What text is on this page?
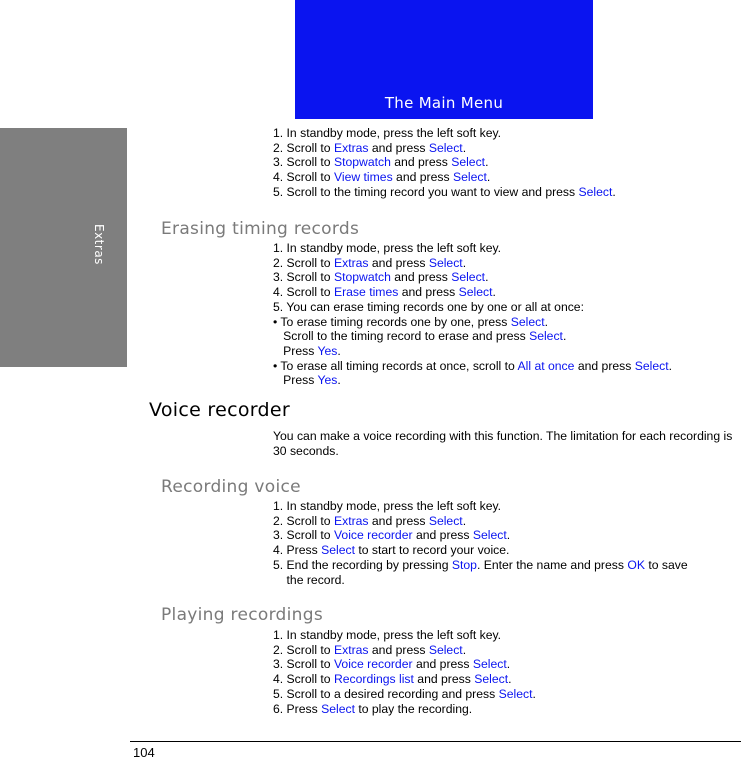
Extras
The Main Menu
1. In standby mode, press the left soft key.
2. Scroll to Extras and press Select.
3. Scroll to Stopwatch and press Select.
4. Scroll to View times and press Select.
5. Scroll to the timing record you want to view and press Select.
Erasing timing records
1. In standby mode, press the left soft key.
2. Scroll to Extras and press Select.
3. Scroll to Stopwatch and press Select.
4. Scroll to Erase times and press Select.
5. You can erase timing records one by one or all at once:
• To erase timing records one by one, press Select.
Scroll to the timing record to erase and press Select.
Press Yes.
• To erase all timing records at once, scroll to All at once and press Select.
Press Yes.
Voice recorder
You can make a voice recording with this function. The limitation for each recording is 30 seconds.
Recording voice
1. In standby mode, press the left soft key.
2. Scroll to Extras and press Select.
3. Scroll to Voice recorder and press Select.
4. Press Select to start to record your voice.
5. End the recording by pressing Stop. Enter the name and press OK to save
the record.
Playing recordings
1. In standby mode, press the left soft key.
2. Scroll to Extras and press Select.
3. Scroll to Voice recorder and press Select.
4. Scroll to Recordings list and press Select.
5. Scroll to a desired recording and press Select.
6. Press Select to play the recording.
104
